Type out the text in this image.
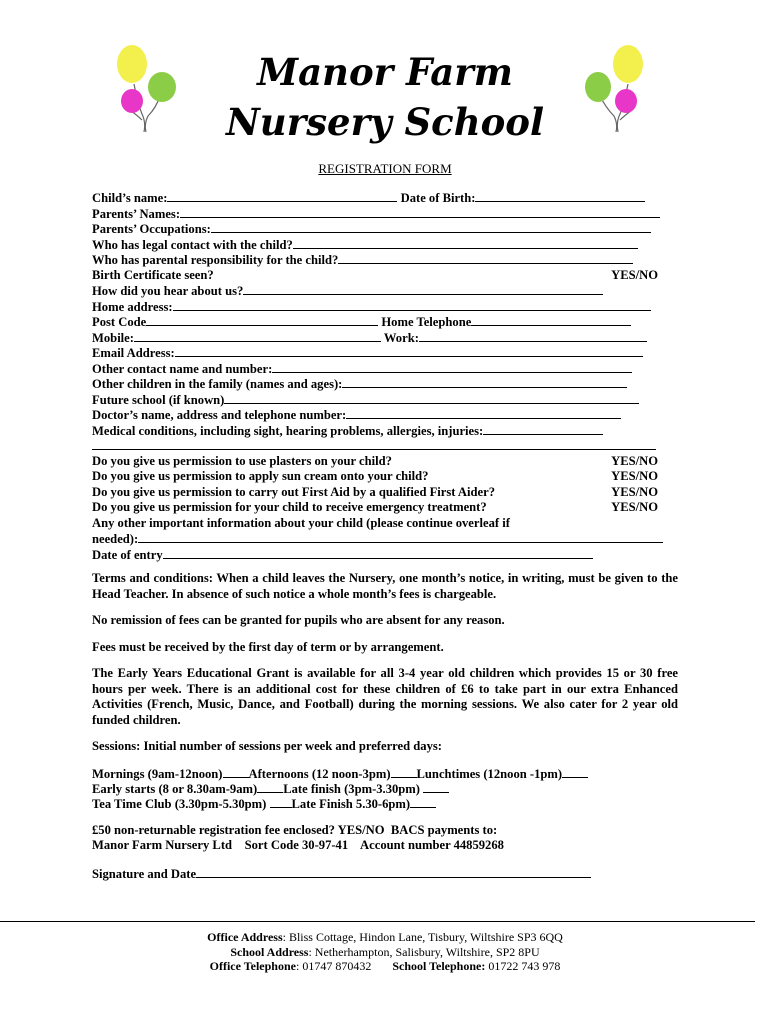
Manor Farm
Nursery School
REGISTRATION FORM
Child’s name:	Date of Birth:
Parents’ Names:
Parents’ Occupations:
Who has legal contact with the child?
Who has parental responsibility for the child?
Birth Certificate seen?	YES/NO
How did you hear about us?
Home address:
Post Code	Home Telephone
Mobile:	Work:
Email Address:
Other contact name and number:
Other children in the family (names and ages):
Future school (if known)
Doctor’s name, address and telephone number:
Medical conditions, including sight, hearing problems, allergies, injuries:
Do you give us permission to use plasters on your child?	YES/NO
Do you give us permission to apply sun cream onto your child?	YES/NO
Do you give us permission to carry out First Aid by a qualified First Aider?	YES/NO
Do you give us permission for your child to receive emergency treatment?	YES/NO
Any other important information about your child (please continue overleaf if
needed):
Date of entry
Terms and conditions: When a child leaves the Nursery, one month’s notice, in writing, must be given to the Head Teacher. In absence of such notice a whole month’s fees is chargeable.
No remission of fees can be granted for pupils who are absent for any reason.
Fees must be received by the first day of term or by arrangement.
The Early Years Educational Grant is available for all 3-4 year old children which provides 15 or 30 free hours per week. There is an additional cost for these children of £6 to take part in our extra Enhanced Activities (French, Music, Dance, and Football) during the morning sessions. We also cater for 2 year old funded children.
Sessions: Initial number of sessions per week and preferred days:
Mornings (9am-12noon) Afternoons (12 noon-3pm) Lunchtimes (12noon -1pm)
Early starts (8 or 8.30am-9am) Late finish (3pm-3.30pm)
Tea Time Club (3.30pm-5.30pm) Late Finish 5.30-6pm)
£50 non-returnable registration fee enclosed? YES/NO  BACS payments to:
Manor Farm Nursery Ltd    Sort Code 30-97-41    Account number 44859268
Signature and Date
Office Address: Bliss Cottage, Hindon Lane, Tisbury, Wiltshire SP3 6QQ
School Address: Netherhampton, Salisbury, Wiltshire, SP2 8PU
Office Telephone: 01747 870432 School Telephone: 01722 743 978
